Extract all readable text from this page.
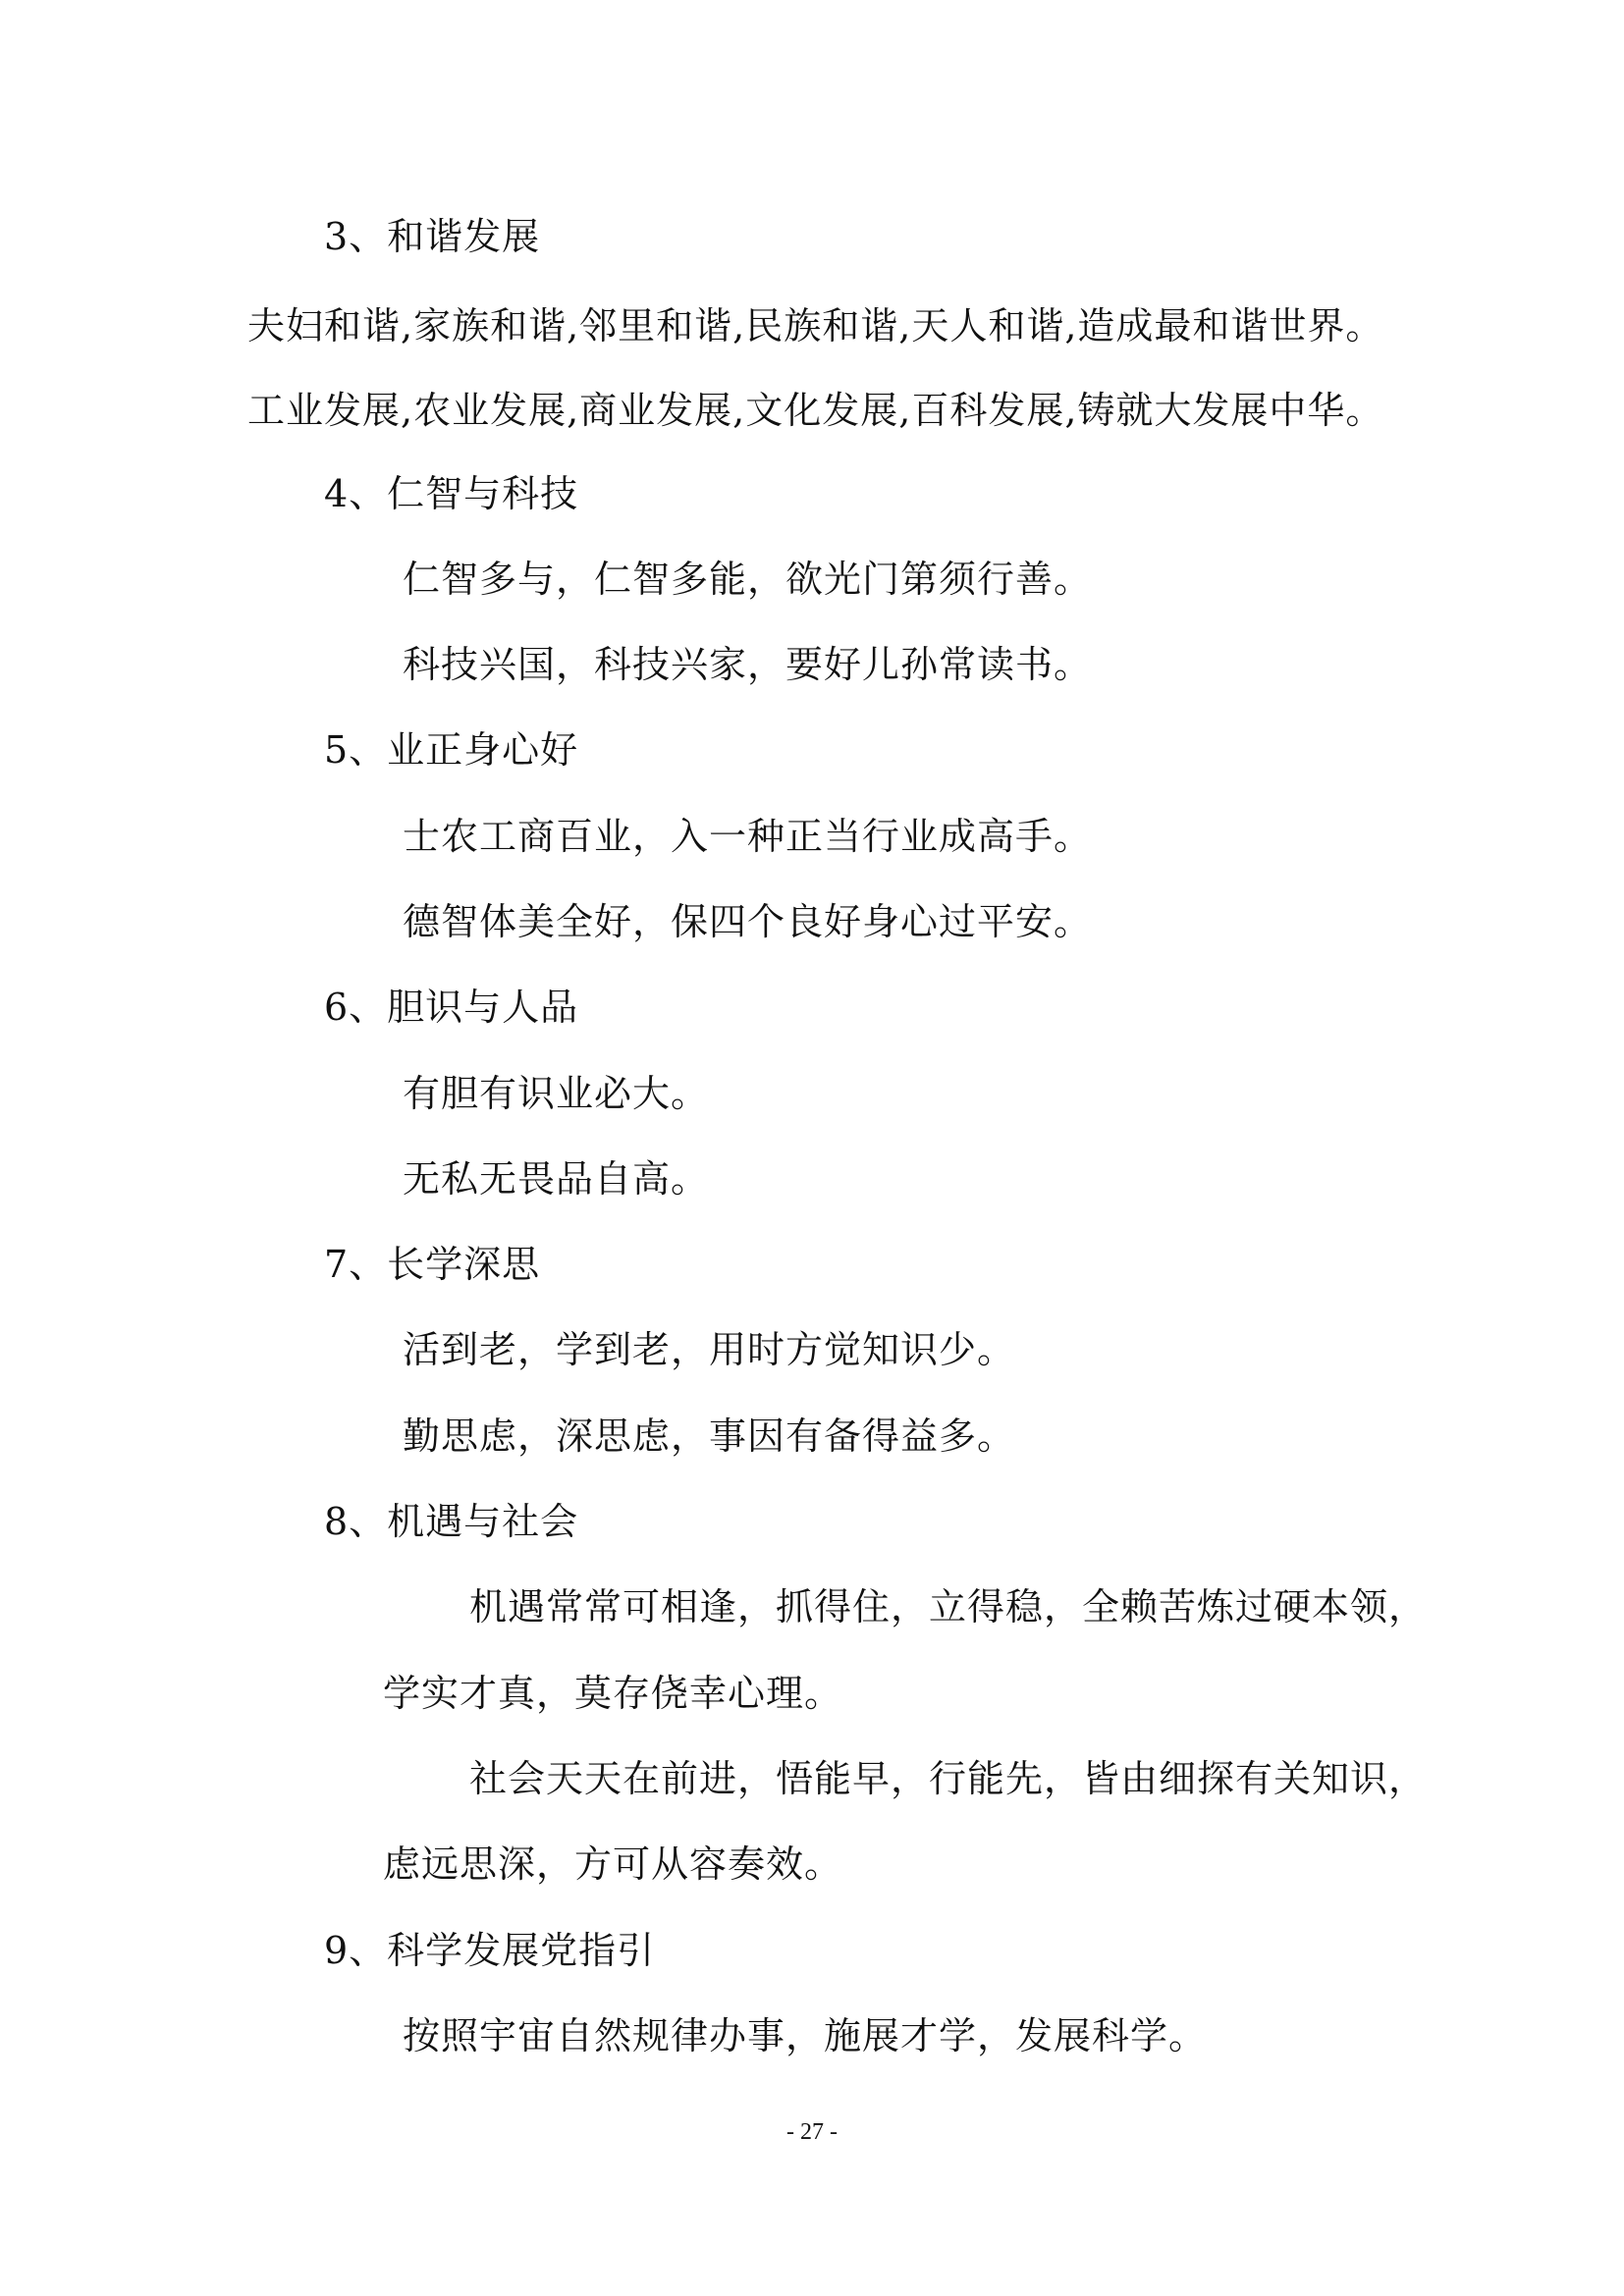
3、和谐发展
夫妇和谐,家族和谐,邻里和谐,民族和谐,天人和谐,造成最和谐世界。
工业发展,农业发展,商业发展,文化发展,百科发展,铸就大发展中华。
4、仁智与科技
仁智多与，仁智多能，欲光门第须行善。
科技兴国，科技兴家，要好儿孙常读书。
5、业正身心好
士农工商百业，入一种正当行业成高手。
德智体美全好，保四个良好身心过平安。
6、胆识与人品
有胆有识业必大。
无私无畏品自高。
7、长学深思
活到老，学到老，用时方觉知识少。
勤思虑，深思虑，事因有备得益多。
8、机遇与社会
机遇常常可相逢，抓得住，立得稳，全赖苦炼过硬本领，
学实才真，莫存侥幸心理。
社会天天在前进，悟能早，行能先，皆由细探有关知识，
虑远思深，方可从容奏效。
9、科学发展党指引
按照宇宙自然规律办事，施展才学，发展科学。
- 27 -
